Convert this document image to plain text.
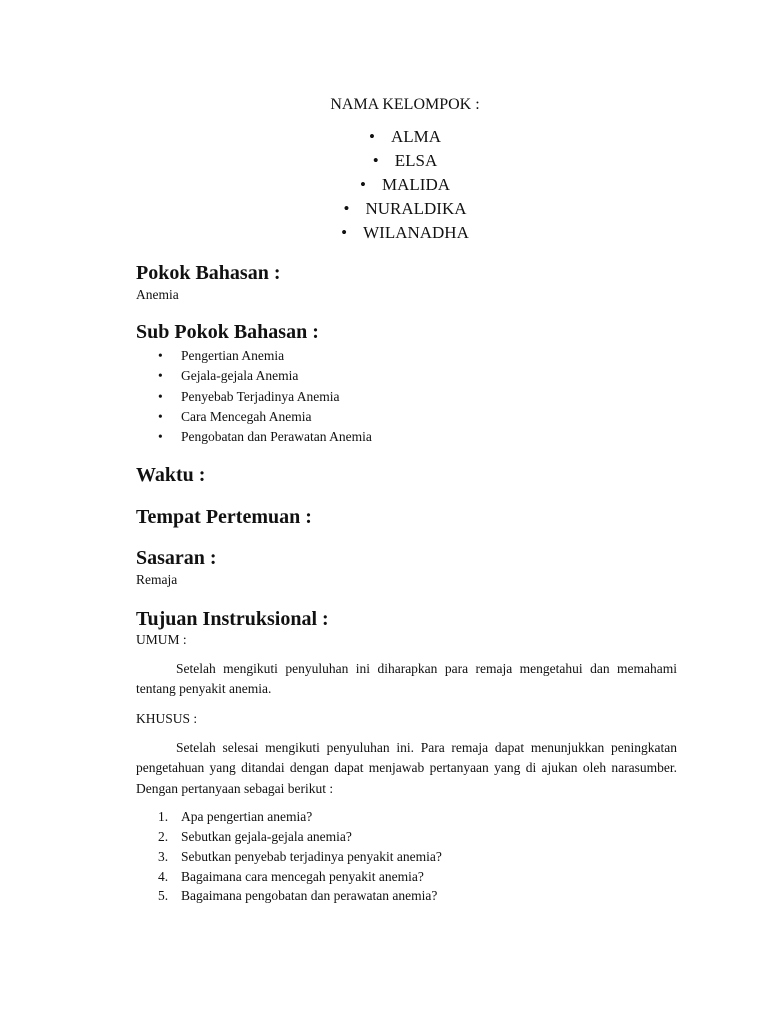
NAMA KELOMPOK :
• ALMA
• ELSA
• MALIDA
• NURALDIKA
• WILANADHA
Pokok Bahasan :
Anemia
Sub Pokok Bahasan :
• Pengertian Anemia
• Gejala-gejala Anemia
• Penyebab Terjadinya Anemia
• Cara Mencegah Anemia
• Pengobatan dan Perawatan Anemia
Waktu :
Tempat Pertemuan :
Sasaran :
Remaja
Tujuan Instruksional :
UMUM :
Setelah mengikuti penyuluhan ini diharapkan para remaja mengetahui dan memahami tentang penyakit anemia.
KHUSUS :
Setelah selesai mengikuti penyuluhan ini. Para remaja dapat menunjukkan peningkatan pengetahuan yang ditandai dengan dapat menjawab pertanyaan yang di ajukan oleh narasumber. Dengan pertanyaan sebagai berikut :
1. Apa pengertian anemia?
2. Sebutkan gejala-gejala anemia?
3. Sebutkan penyebab terjadinya penyakit anemia?
4. Bagaimana cara mencegah penyakit anemia?
5. Bagaimana pengobatan dan perawatan anemia?
